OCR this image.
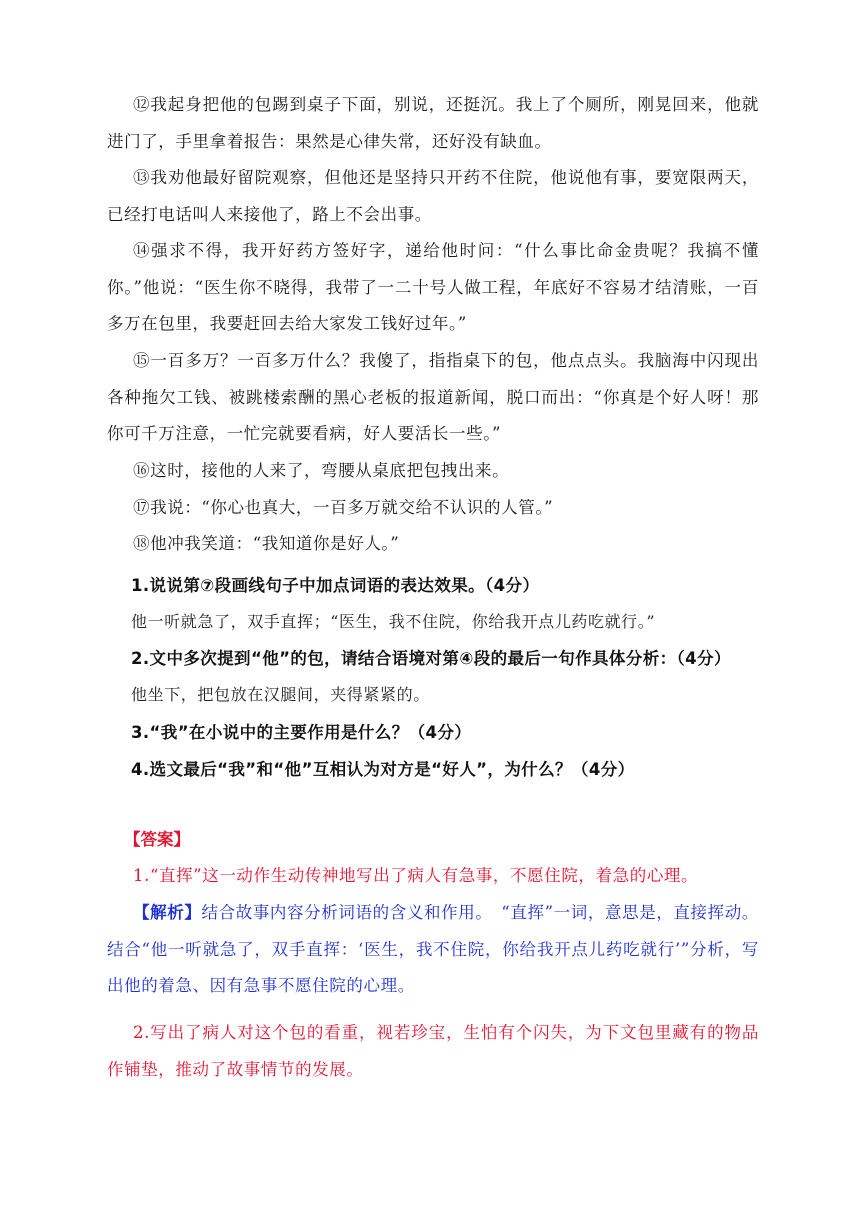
⑫我起身把他的包踢到桌子下面，别说，还挺沉。我上了个厕所，刚晃回来，他就进门了，手里拿着报告：果然是心律失常，还好没有缺血。
⑬我劝他最好留院观察，但他还是坚持只开药不住院，他说他有事，要宽限两天，已经打电话叫人来接他了，路上不会出事。
⑭强求不得，我开好药方签好字，递给他时问：“什么事比命金贵呢？我搞不懂你。”他说：“医生你不晓得，我带了一二十号人做工程，年底好不容易才结清账，一百多万在包里，我要赶回去给大家发工钱好过年。”
⑮一百多万？一百多万什么？我傻了，指指桌下的包，他点点头。我脑海中闪现出各种拖欠工钱、被跳楼索酬的黑心老板的报道新闻，脱口而出：“你真是个好人呀！那你可千万注意，一忙完就要看病，好人要活长一些。”
⑯这时，接他的人来了，弯腰从桌底把包拽出来。
⑰我说：“你心也真大，一百多万就交给不认识的人管。”
⑱他冲我笑道：“我知道你是好人。”
1.说说第⑦段画线句子中加点词语的表达效果。（4分）
他一听就急了，双手直挥；“医生，我不住院，你给我开点儿药吃就行。”
2.文中多次提到“他”的包，请结合语境对第④段的最后一句作具体分析：（4分）
他坐下，把包放在汉腿间，夹得紧紧的。
3.“我”在小说中的主要作用是什么？（4分）
4.选文最后“我”和“他”互相认为对方是“好人”，为什么？（4分）
【答案】
1.“直挥”这一动作生动传神地写出了病人有急事，不愿住院，着急的心理。
【解析】结合故事内容分析词语的含义和作用。　“直挥”一词，意思是，直接挥动。结合“他一听就急了，双手直挥：‘医生，我不住院，你给我开点儿药吃就行’”分析，写出他的着急、因有急事不愿住院的心理。
2.写出了病人对这个包的看重，视若珍宝，生怕有个闪失，为下文包里藏有的物品作铺垫，推动了故事情节的发展。
